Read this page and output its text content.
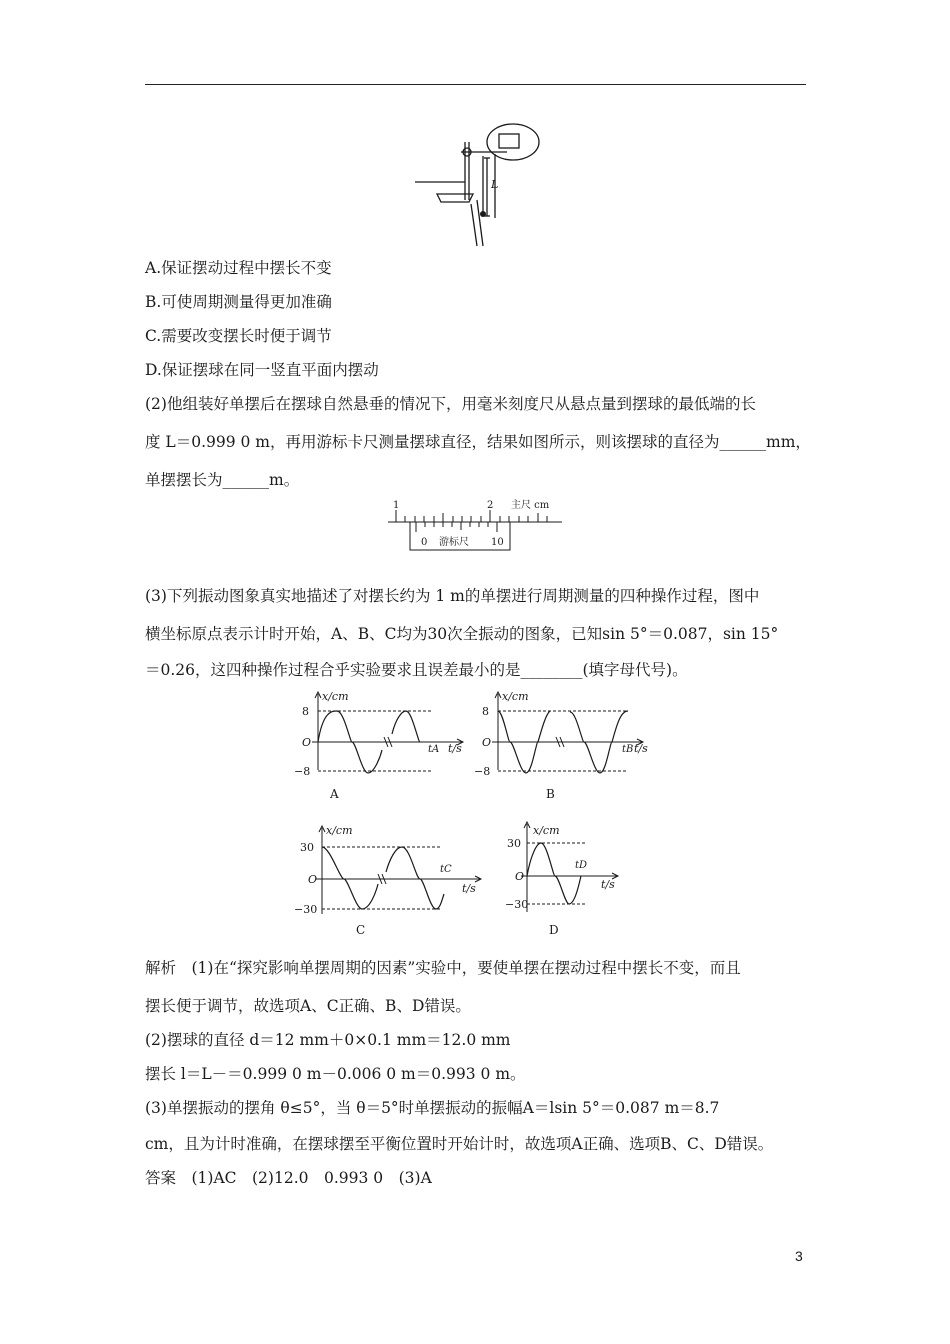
L
A.保证摆动过程中摆长不变
B.可使周期测量得更加准确
C.需要改变摆长时便于调节
D.保证摆球在同一竖直平面内摆动
(2)他组装好单摆后在摆球自然悬垂的情况下，用毫米刻度尺从悬点量到摆球的最低端的长
度 L＝0.999 0 m，再用游标卡尺测量摆球直径，结果如图所示，则该摆球的直径为______mm，
单摆摆长为______m。
1	2 主尺 cm
0 游标尺 10
(3)下列振动图象真实地描述了对摆长约为 1 m的单摆进行周期测量的四种操作过程，图中
横坐标原点表示计时开始，A、B、C均为30次全振动的图象，已知sin 5°＝0.087，sin 15°
＝0.26，这四种操作过程合乎实验要求且误差最小的是________(填字母代号)。
x/cm
8
O
−8
tA t/s
A
x/cm
8
O
−8
tB t/s
B
x/cm
30
O
−30
tC
t/s
C
x/cm
30
O
−30
tD
t/s
D
解析　(1)在“探究影响单摆周期的因素”实验中，要使单摆在摆动过程中摆长不变，而且
摆长便于调节，故选项A、C正确、B、D错误。
(2)摆球的直径 d＝12 mm＋0×0.1 mm＝12.0 mm
摆长 l＝L－＝0.999 0 m－0.006 0 m＝0.993 0 m。
(3)单摆振动的摆角 θ≤5°，当 θ＝5°时单摆振动的振幅A＝lsin 5°＝0.087 m＝8.7
cm，且为计时准确，在摆球摆至平衡位置时开始计时，故选项A正确、选项B、C、D错误。
答案　(1)AC　(2)12.0　0.993 0　(3)A
3
